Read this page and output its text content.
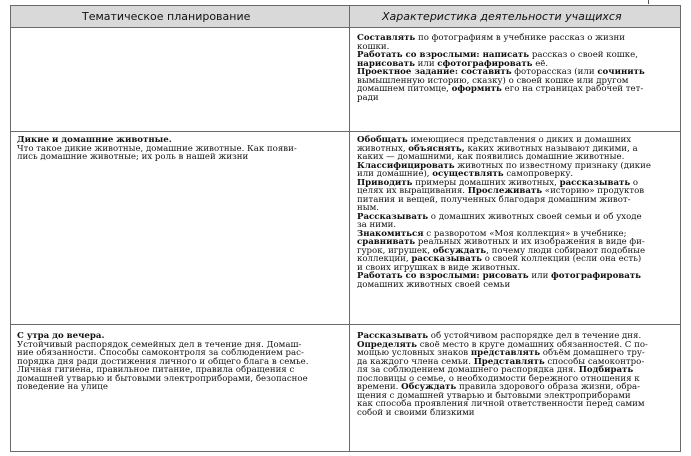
Тематическое планирование	Характеристика деятельности учащихся
Составлять по фотографиям в учебнике рассказ о жизни
кошки.
Работать со взрослыми: написать рассказ о своей кошке,
нарисовать или сфотографировать её.
Проектное задание: составить фоторассказ (или сочинить
вымышленную историю, сказку) о своей кошке или другом
домашнем питомце, оформить его на страницах рабочей тет-
ради
Дикие и домашние животные.
Что такое дикие животные, домашние животные. Как появи-
лись домашние животные; их роль в нашей жизни
Обобщать имеющиеся представления о диких и домашних
животных, объяснять, каких животных называют дикими, а
каких — домашними, как появились домашние животные.
Классифицировать животных по известному признаку (дикие
или домашние), осуществлять самопроверку.
Приводить примеры домашних животных, рассказывать о
целях их выращивания. Прослеживать «историю» продуктов
питания и вещей, полученных благодаря домашним живот-
ным.
Рассказывать о домашних животных своей семьи и об уходе
за ними.
Знакомиться с разворотом «Моя коллекция» в учебнике;
сравнивать реальных животных и их изображения в виде фи-
гурок, игрушек, обсуждать, почему люди собирают подобные
коллекции, рассказывать о своей коллекции (если она есть)
и своих игрушках в виде животных.
Работать со взрослыми: рисовать или фотографировать
домашних животных своей семьи
С утра до вечера.
Устойчивый распорядок семейных дел в течение дня. Домаш-
ние обязанности. Способы самоконтроля за соблюдением рас-
порядка дня ради достижения личного и общего блага в семье.
Личная гигиена, правильное питание, правила обращения с
домашней утварью и бытовыми электроприборами, безопасное
поведение на улице
Рассказывать об устойчивом распорядке дел в течение дня.
Определять своё место в круге домашних обязанностей. С по-
мощью условных знаков представлять объём домашнего тру-
да каждого члена семьи. Представлять способы самоконтро-
ля за соблюдением домашнего распорядка дня. Подбирать
пословицы о семье, о необходимости бережного отношения к
времени. Обсуждать правила здорового образа жизни, обра-
щения с домашней утварью и бытовыми электроприборами
как способа проявления личной ответственности перед самим
собой и своими близкими
